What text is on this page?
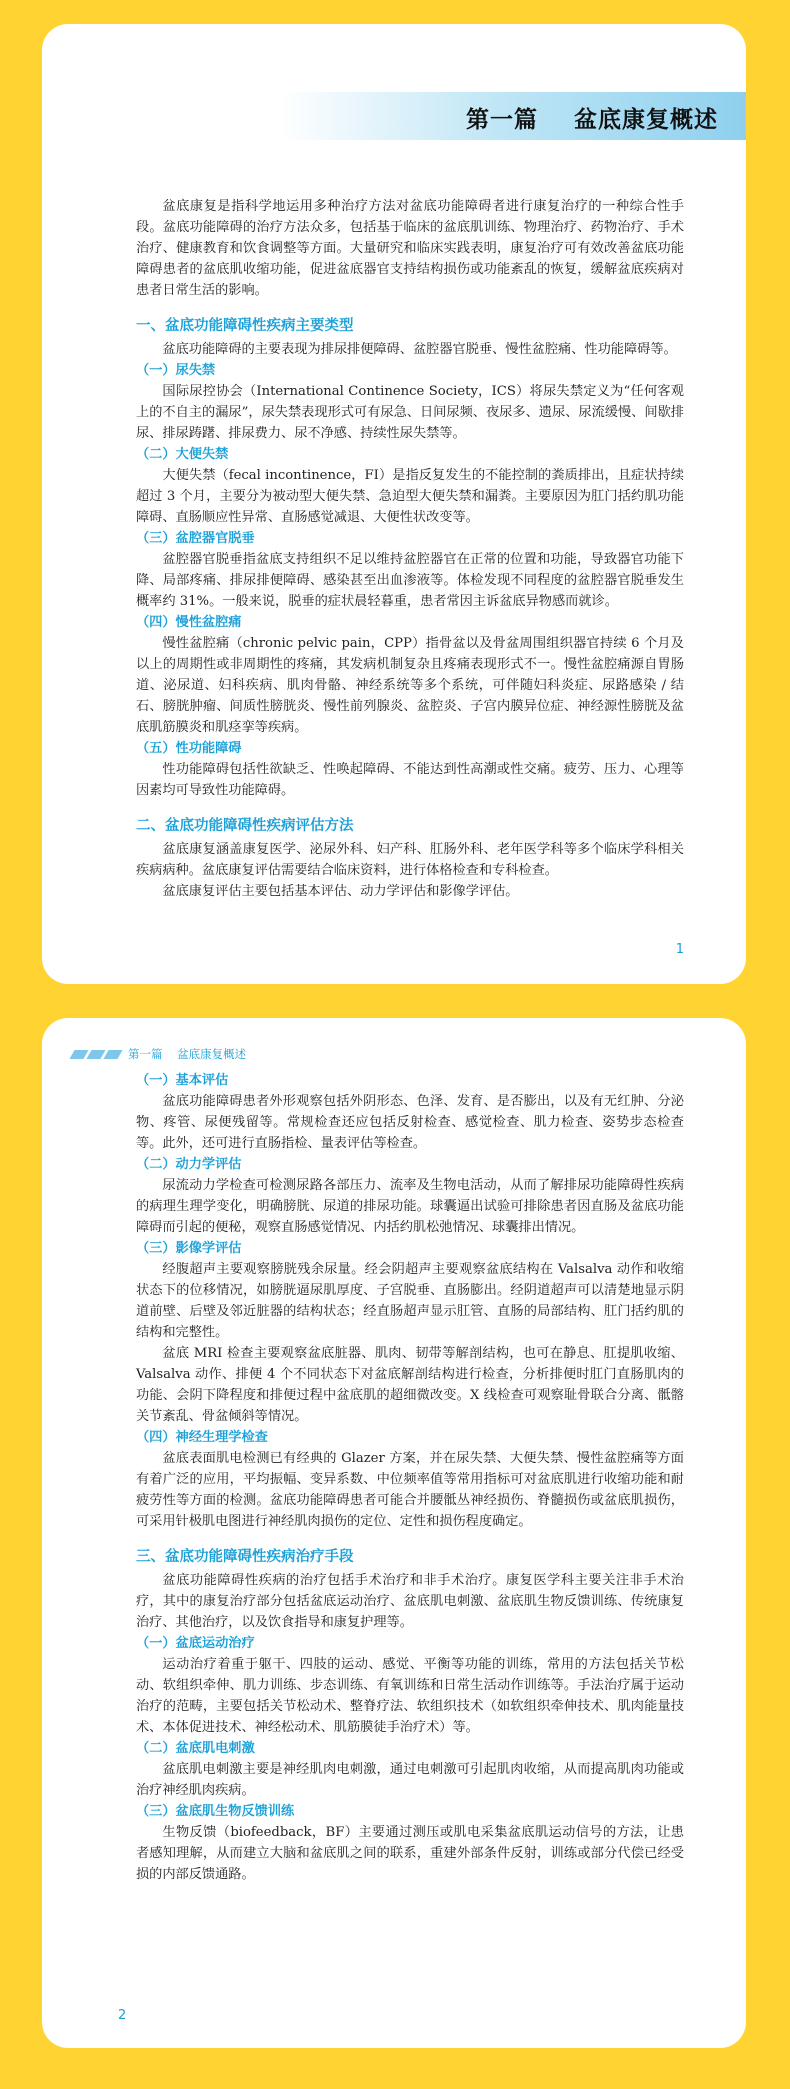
第一篇    盆底康复概述

盆底康复是指科学地运用多种治疗方法对盆底功能障碍者进行康复治疗的一种综合性手段。盆底功能障碍的治疗方法众多，包括基于临床的盆底肌训练、物理治疗、药物治疗、手术治疗、健康教育和饮食调整等方面。大量研究和临床实践表明，康复治疗可有效改善盆底功能障碍患者的盆底肌收缩功能，促进盆底器官支持结构损伤或功能紊乱的恢复，缓解盆底疾病对患者日常生活的影响。

一、盆底功能障碍性疾病主要类型

盆底功能障碍的主要表现为排尿排便障碍、盆腔器官脱垂、慢性盆腔痛、性功能障碍等。

（一）尿失禁

国际尿控协会（International Continence Society，ICS）将尿失禁定义为“任何客观上的不自主的漏尿”，尿失禁表现形式可有尿急、日间尿频、夜尿多、遗尿、尿流缓慢、间歇排尿、排尿踌躇、排尿费力、尿不净感、持续性尿失禁等。

（二）大便失禁

大便失禁（fecal incontinence，FI）是指反复发生的不能控制的粪质排出，且症状持续超过 3 个月，主要分为被动型大便失禁、急迫型大便失禁和漏粪。主要原因为肛门括约肌功能障碍、直肠顺应性异常、直肠感觉减退、大便性状改变等。

（三）盆腔器官脱垂

盆腔器官脱垂指盆底支持组织不足以维持盆腔器官在正常的位置和功能，导致器官功能下降、局部疼痛、排尿排便障碍、感染甚至出血渗液等。体检发现不同程度的盆腔器官脱垂发生概率约 31%。一般来说，脱垂的症状晨轻暮重，患者常因主诉盆底异物感而就诊。

（四）慢性盆腔痛

慢性盆腔痛（chronic pelvic pain，CPP）指骨盆以及骨盆周围组织器官持续 6 个月及以上的周期性或非周期性的疼痛，其发病机制复杂且疼痛表现形式不一。慢性盆腔痛源自胃肠道、泌尿道、妇科疾病、肌肉骨骼、神经系统等多个系统，可伴随妇科炎症、尿路感染 / 结石、膀胱肿瘤、间质性膀胱炎、慢性前列腺炎、盆腔炎、子宫内膜异位症、神经源性膀胱及盆底肌筋膜炎和肌痉挛等疾病。

（五）性功能障碍

性功能障碍包括性欲缺乏、性唤起障碍、不能达到性高潮或性交痛。疲劳、压力、心理等因素均可导致性功能障碍。

二、盆底功能障碍性疾病评估方法

盆底康复涵盖康复医学、泌尿外科、妇产科、肛肠外科、老年医学科等多个临床学科相关疾病病种。盆底康复评估需要结合临床资料，进行体格检查和专科检查。

盆底康复评估主要包括基本评估、动力学评估和影像学评估。

1
第一篇    盆底康复概述
（一）基本评估

盆底功能障碍患者外形观察包括外阴形态、色泽、发育、是否膨出，以及有无红肿、分泌物、疼管、尿便残留等。常规检查还应包括反射检查、感觉检查、肌力检查、姿势步态检查等。此外，还可进行直肠指检、量表评估等检查。

（二）动力学评估

尿流动力学检查可检测尿路各部压力、流率及生物电活动，从而了解排尿功能障碍性疾病的病理生理学变化，明确膀胱、尿道的排尿功能。球囊逼出试验可排除患者因直肠及盆底功能障碍而引起的便秘，观察直肠感觉情况、内括约肌松弛情况、球囊排出情况。

（三）影像学评估

经腹超声主要观察膀胱残余尿量。经会阴超声主要观察盆底结构在 Valsalva 动作和收缩状态下的位移情况，如膀胱逼尿肌厚度、子宫脱垂、直肠膨出。经阴道超声可以清楚地显示阴道前壁、后壁及邻近脏器的结构状态；经直肠超声显示肛管、直肠的局部结构、肛门括约肌的结构和完整性。

盆底 MRI 检查主要观察盆底脏器、肌肉、韧带等解剖结构，也可在静息、肛提肌收缩、Valsalva 动作、排便 4 个不同状态下对盆底解剖结构进行检查，分析排便时肛门直肠肌肉的功能、会阴下降程度和排便过程中盆底肌的超细微改变。X 线检查可观察耻骨联合分离、骶髂关节紊乱、骨盆倾斜等情况。

（四）神经生理学检查

盆底表面肌电检测已有经典的 Glazer 方案，并在尿失禁、大便失禁、慢性盆腔痛等方面有着广泛的应用，平均振幅、变异系数、中位频率值等常用指标可对盆底肌进行收缩功能和耐疲劳性等方面的检测。盆底功能障碍患者可能合并腰骶丛神经损伤、脊髓损伤或盆底肌损伤，可采用针极肌电图进行神经肌肉损伤的定位、定性和损伤程度确定。

三、盆底功能障碍性疾病治疗手段

盆底功能障碍性疾病的治疗包括手术治疗和非手术治疗。康复医学科主要关注非手术治疗，其中的康复治疗部分包括盆底运动治疗、盆底肌电刺激、盆底肌生物反馈训练、传统康复治疗、其他治疗，以及饮食指导和康复护理等。

（一）盆底运动治疗

运动治疗着重于躯干、四肢的运动、感觉、平衡等功能的训练，常用的方法包括关节松动、软组织牵伸、肌力训练、步态训练、有氧训练和日常生活动作训练等。手法治疗属于运动治疗的范畴，主要包括关节松动术、整脊疗法、软组织技术（如软组织牵伸技术、肌肉能量技术、本体促进技术、神经松动术、肌筋膜徒手治疗术）等。

（二）盆底肌电刺激

盆底肌电刺激主要是神经肌肉电刺激，通过电刺激可引起肌肉收缩，从而提高肌肉功能或治疗神经肌肉疾病。

（三）盆底肌生物反馈训练

生物反馈（biofeedback，BF）主要通过测压或肌电采集盆底肌运动信号的方法，让患者感知理解，从而建立大脑和盆底肌之间的联系，重建外部条件反射，训练或部分代偿已经受损的内部反馈通路。

2
